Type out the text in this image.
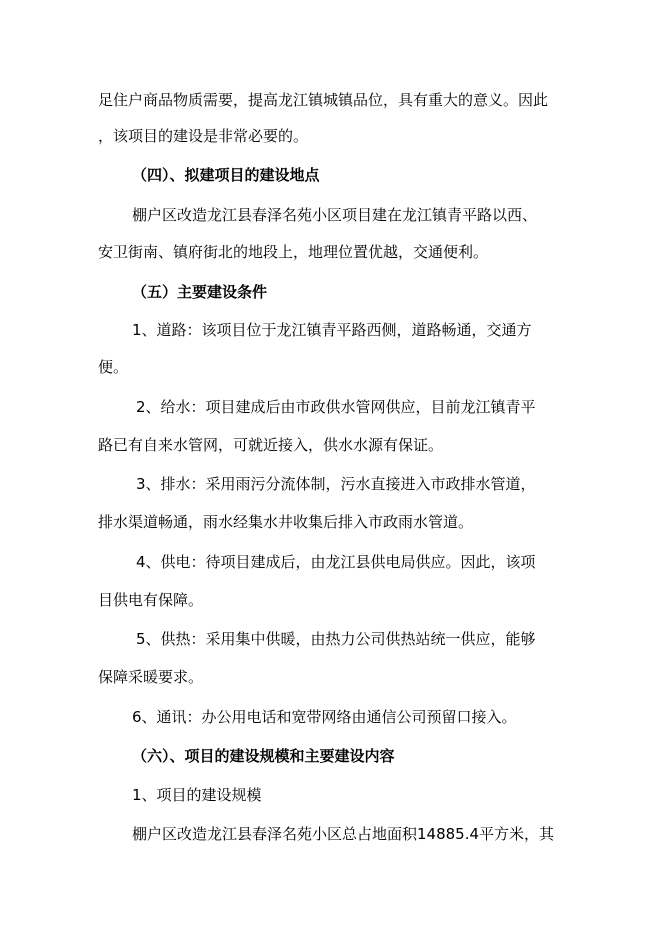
足住户商品物质需要，提高龙江镇城镇品位，具有重大的意义。因此
，该项目的建设是非常必要的。
（四）、拟建项目的建设地点
棚户区改造龙江县春泽名苑小区项目建在龙江镇青平路以西、
安卫街南、镇府街北的地段上，地理位置优越，交通便利。
（五）主要建设条件
1、道路：该项目位于龙江镇青平路西侧，道路畅通，交通方
便。
2、给水：项目建成后由市政供水管网供应，目前龙江镇青平
路已有自来水管网，可就近接入，供水水源有保证。
3、排水：采用雨污分流体制，污水直接进入市政排水管道，
排水渠道畅通，雨水经集水井收集后排入市政雨水管道。
4、供电：待项目建成后，由龙江县供电局供应。因此，该项
目供电有保障。
5、供热：采用集中供暖，由热力公司供热站统一供应，能够
保障采暖要求。
6、通讯：办公用电话和宽带网络由通信公司预留口接入。
（六）、项目的建设规模和主要建设内容
1、项目的建设规模
棚户区改造龙江县春泽名苑小区总占地面积14885.4平方米，其
